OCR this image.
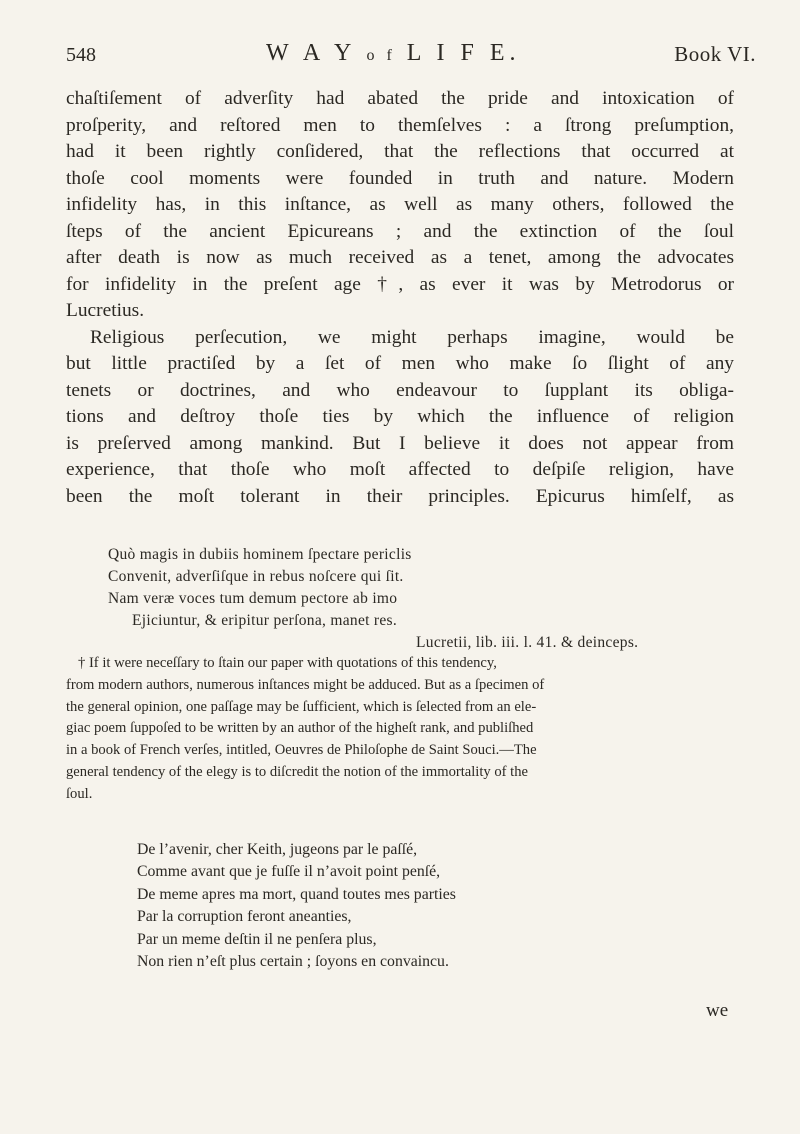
548	W A Y o f L I F E.	Book VI.
chaſtiſement of adverſity had abated the pride and intoxication of
proſperity, and reſtored men to themſelves : a ſtrong preſumption,
had it been rightly conſidered, that the reflections that occurred at
thoſe cool moments were founded in truth and nature. Modern
infidelity has, in this inſtance, as well as many others, followed the
ſteps of the ancient Epicureans ; and the extinction of the ſoul
after death is now as much received as a tenet, among the advocates
for infidelity in the preſent age †, as ever it was by Metrodorus or
Lucretius.
Religious perſecution, we might perhaps imagine, would be
but little practiſed by a ſet of men who make ſo ſlight of any
tenets or doctrines, and who endeavour to ſupplant its obliga-
tions and deſtroy thoſe ties by which the influence of religion
is preſerved among mankind. But I believe it does not appear from
experience, that thoſe who moſt affected to deſpiſe religion, have
been the moſt tolerant in their principles. Epicurus himſelf, as
Quò magis in dubiis hominem ſpectare periclis
Convenit, adverſiſque in rebus noſcere qui ſit.
Nam veræ voces tum demum pectore ab imo
Ejiciuntur, & eripitur perſona, manet res.
Lucretii, lib. iii. l. 41. & deinceps.
† If it were neceſſary to ſtain our paper with quotations of this tendency,
from modern authors, numerous inſtances might be adduced. But as a ſpecimen of
the general opinion, one paſſage may be ſufficient, which is ſelected from an ele-
giac poem ſuppoſed to be written by an author of the higheſt rank, and publiſhed
in a book of French verſes, intitled, Oeuvres de Philoſophe de Saint Souci.—The
general tendency of the elegy is to diſcredit the notion of the immortality of the
ſoul.
De l’avenir, cher Keith, jugeons par le paſſé,
Comme avant que je fuſſe il n’avoit point penſé,
De meme apres ma mort, quand toutes mes parties
Par la corruption feront aneanties,
Par un meme deſtin il ne penſera plus,
Non rien n’eſt plus certain ; ſoyons en convaincu.
we
